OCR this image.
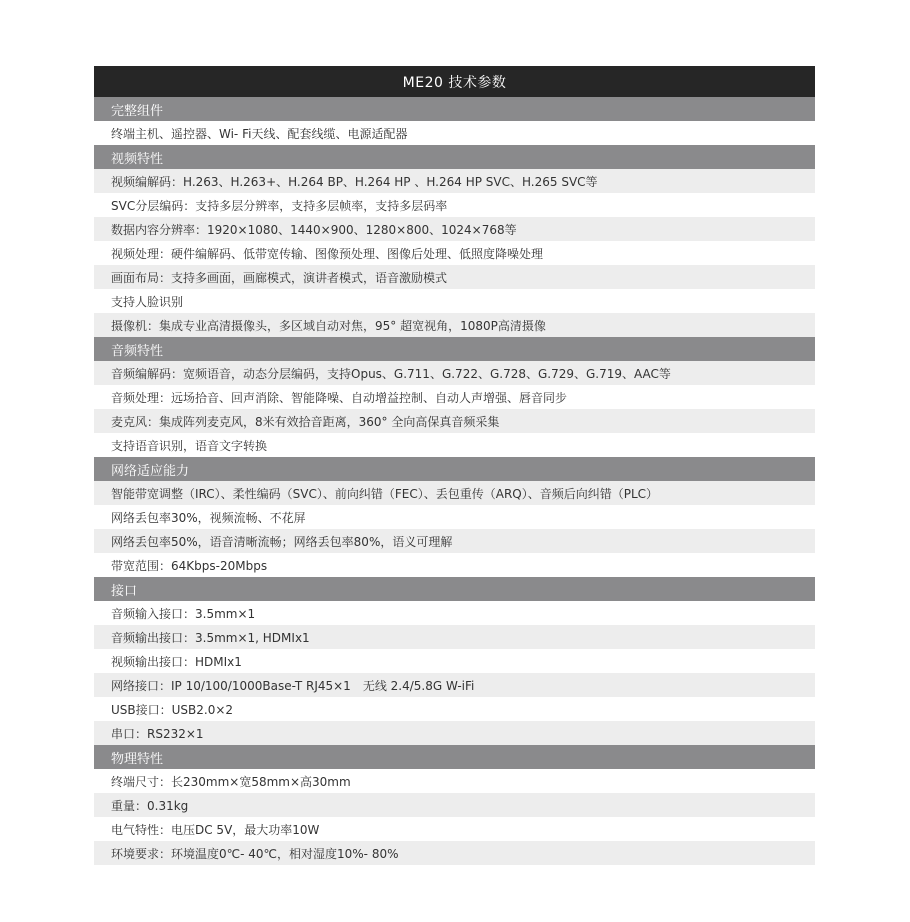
ME20 技术参数
完整组件
终端主机、遥控器、Wi- Fi天线、配套线缆、电源适配器
视频特性
视频编解码：H.263、H.263+、H.264 BP、H.264 HP 、H.264 HP SVC、H.265 SVC等
SVC分层编码：支持多层分辨率，支持多层帧率，支持多层码率
数据内容分辨率：1920×1080、1440×900、1280×800、1024×768等
视频处理：硬件编解码、低带宽传输、图像预处理、图像后处理、低照度降噪处理
画面布局：支持多画面，画廊模式，演讲者模式，语音激励模式
支持人脸识别
摄像机：集成专业高清摄像头，多区域自动对焦，95° 超宽视角，1080P高清摄像
音频特性
音频编解码：宽频语音，动态分层编码，支持Opus、G.711、G.722、G.728、G.729、G.719、AAC等
音频处理：远场拾音、回声消除、智能降噪、自动增益控制、自动人声增强、唇音同步
麦克风：集成阵列麦克风，8米有效拾音距离，360° 全向高保真音频采集
支持语音识别，语音文字转换
网络适应能力
智能带宽调整（IRC）、柔性编码（SVC）、前向纠错（FEC）、丢包重传（ARQ）、音频后向纠错（PLC）
网络丢包率30%，视频流畅、不花屏
网络丢包率50%，语音清晰流畅；网络丢包率80%，语义可理解
带宽范围：64Kbps-20Mbps
接口
音频输入接口：3.5mm×1
音频输出接口：3.5mm×1, HDMIx1
视频输出接口：HDMIx1
网络接口：IP 10/100/1000Base-T RJ45×1　无线 2.4/5.8G W-iFi
USB接口：USB2.0×2
串口：RS232×1
物理特性
终端尺寸：长230mm×宽58mm×高30mm
重量：0.31kg
电气特性：电压DC 5V，最大功率10W
环境要求：环境温度0℃- 40℃，相对湿度10%- 80%
